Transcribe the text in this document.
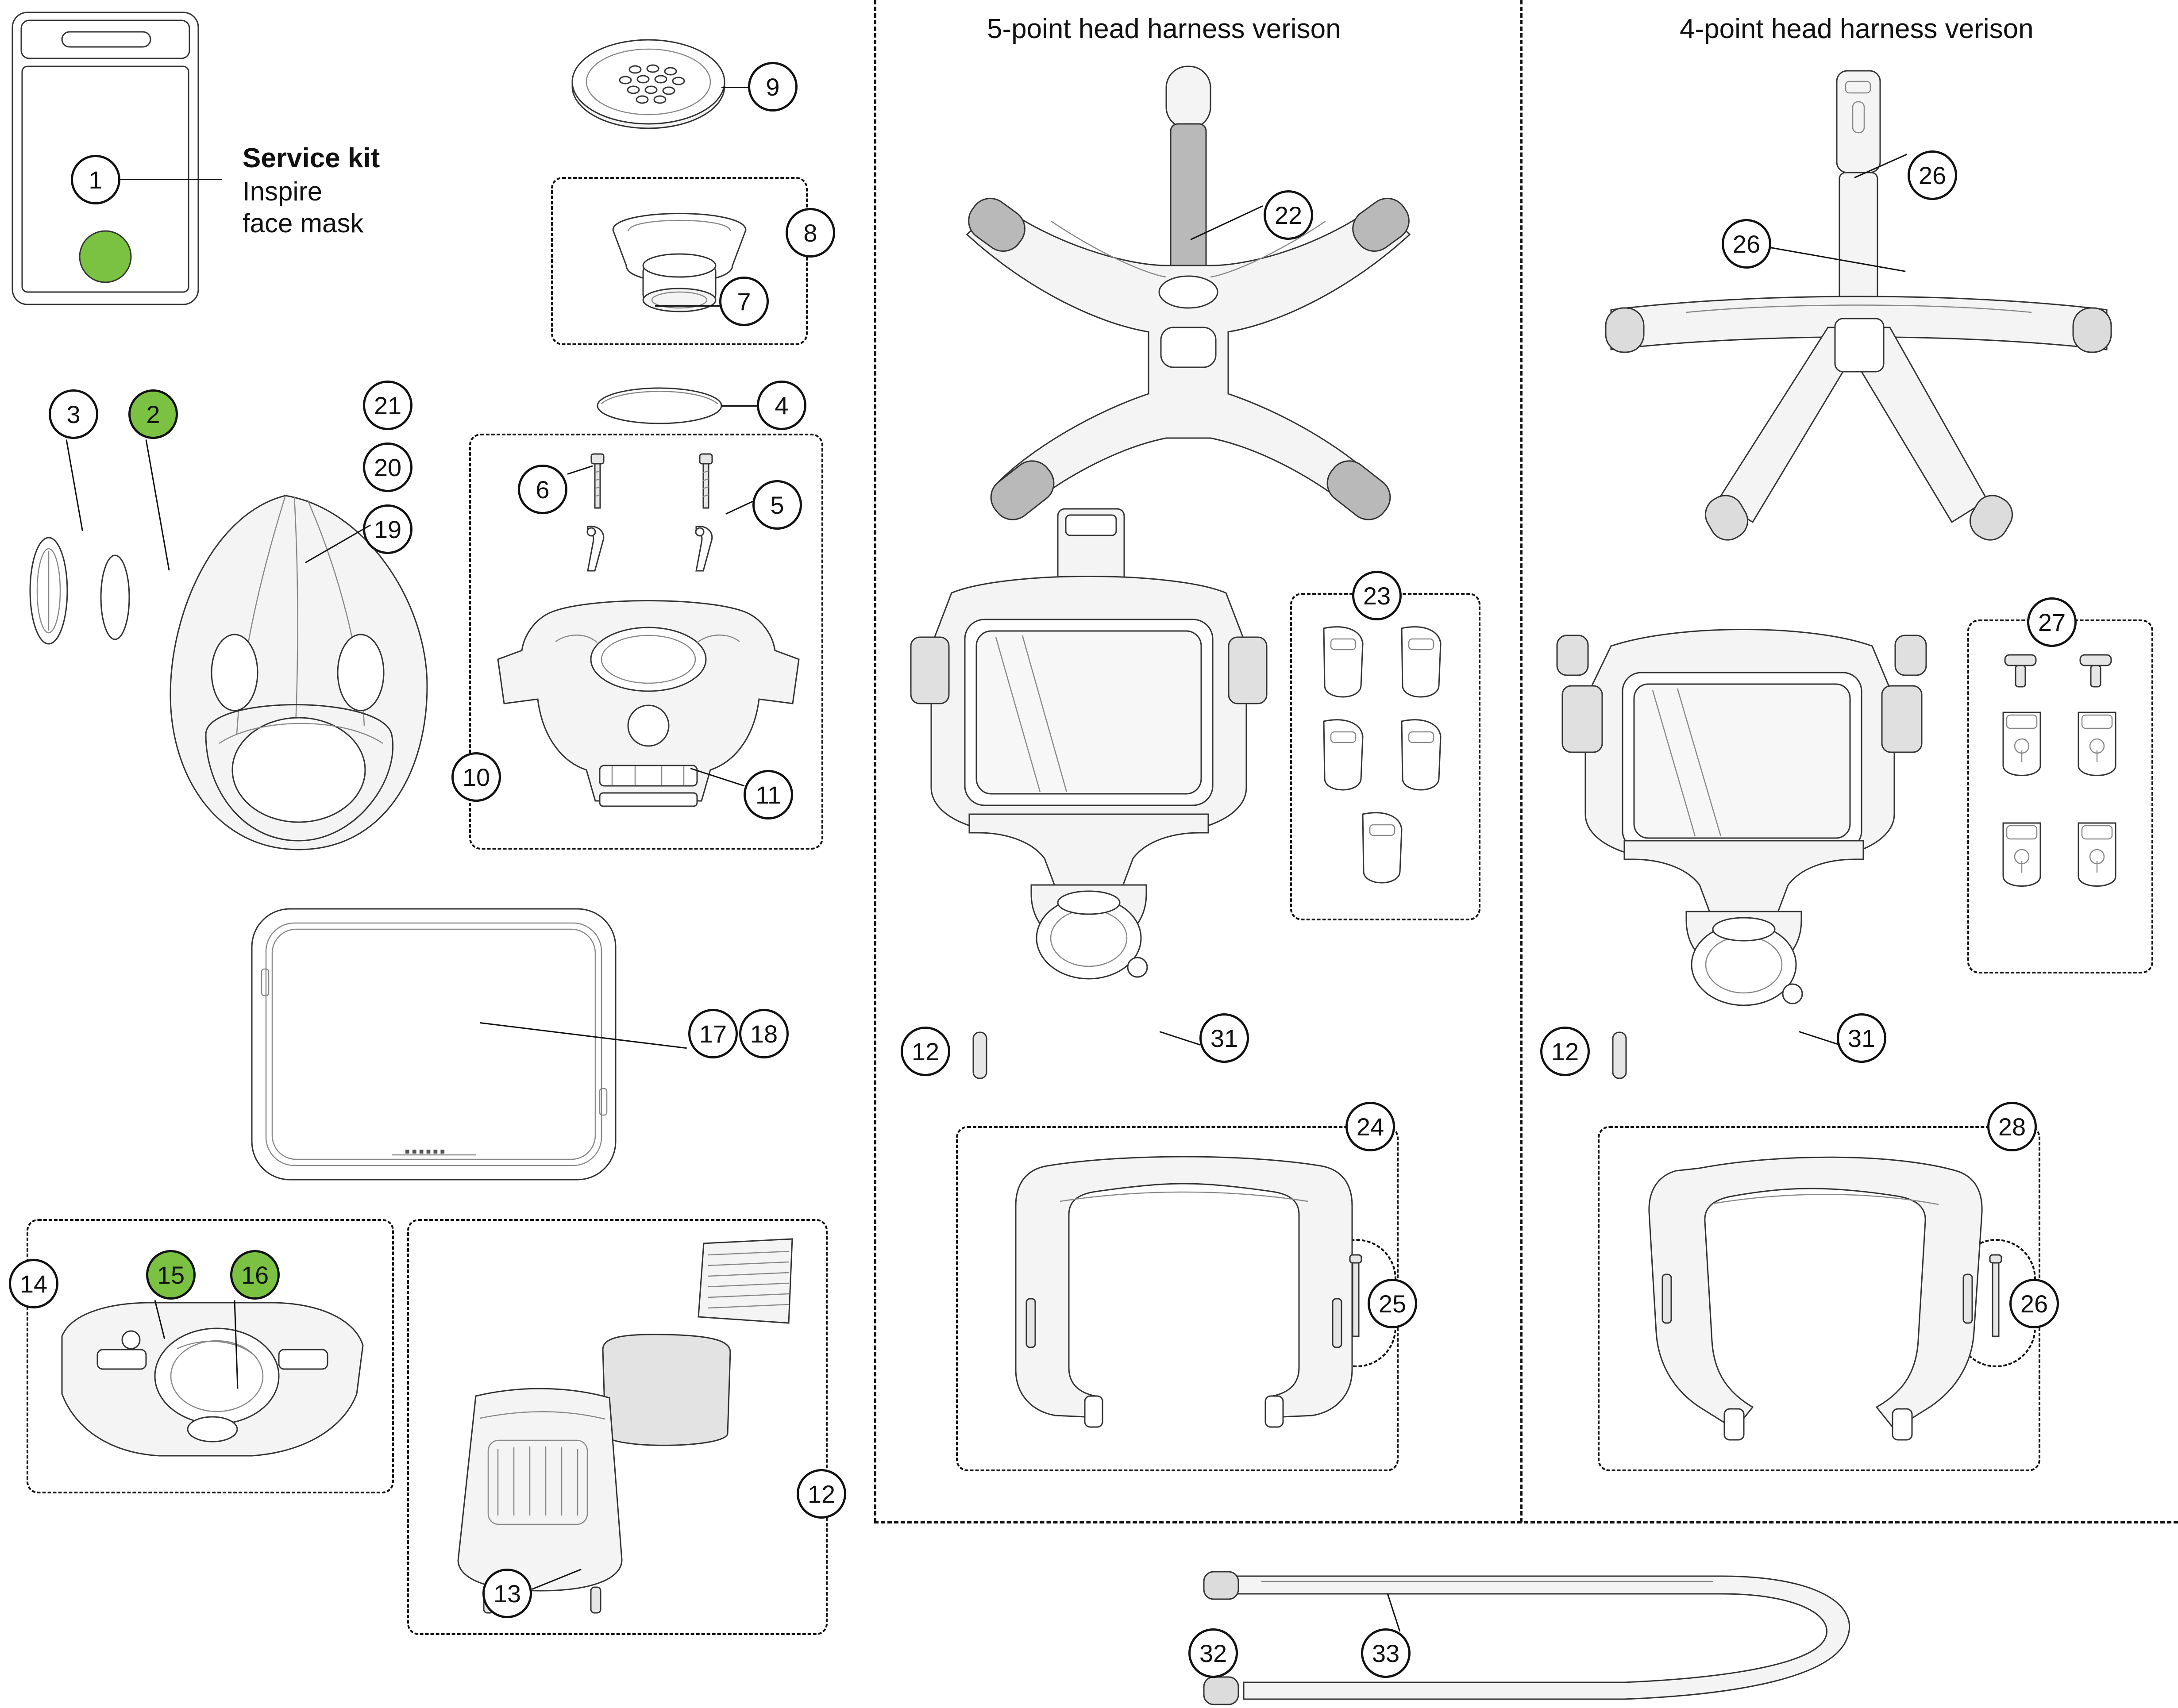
5-point head harness verison	4-point head harness verison
1
Service kit
Inspire
face mask
9
8
7
4
3	2	21
20
19
6
5
10
11
■ ■ ■ ■ ■ ■
17 18
14	15	16
12
13
22
12	31
23
24
25
26
26
12	31
27
28
26
32	33
